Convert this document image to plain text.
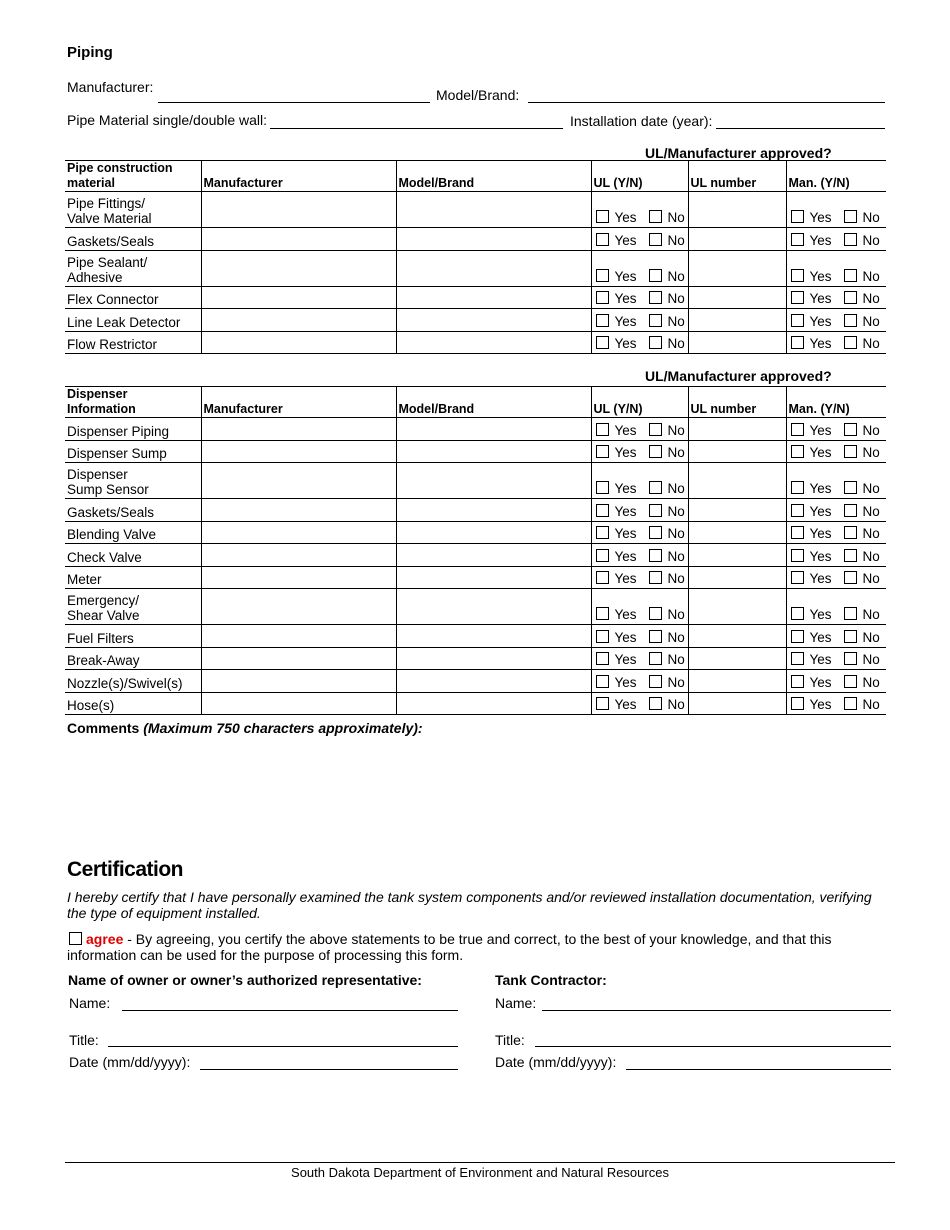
Piping
Manufacturer:	Model/Brand:
Pipe Material single/double wall:	Installation date (year):
UL/Manufacturer approved?
Pipe construction material	Manufacturer	Model/Brand	UL (Y/N)	UL number	Man. (Y/N)
Pipe Fittings/
Valve Material			Yes No		Yes No
Gaskets/Seals			Yes No		Yes No
Pipe Sealant/
Adhesive			Yes No		Yes No
Flex Connector			Yes No		Yes No
Line Leak Detector			Yes No		Yes No
Flow Restrictor			Yes No		Yes No
UL/Manufacturer approved?
Dispenser Information	Manufacturer	Model/Brand	UL (Y/N)	UL number	Man. (Y/N)
Dispenser Piping			Yes No		Yes No
Dispenser Sump			Yes No		Yes No
Dispenser
Sump Sensor			Yes No		Yes No
Gaskets/Seals			Yes No		Yes No
Blending Valve			Yes No		Yes No
Check Valve			Yes No		Yes No
Meter			Yes No		Yes No
Emergency/
Shear Valve			Yes No		Yes No
Fuel Filters			Yes No		Yes No
Break-Away			Yes No		Yes No
Nozzle(s)/Swivel(s)			Yes No		Yes No
Hose(s)			Yes No		Yes No
Comments (Maximum 750 characters approximately):
Certification
I hereby certify that I have personally examined the tank system components and/or reviewed installation documentation, verifying the type of equipment installed.
agree - By agreeing, you certify the above statements to be true and correct, to the best of your knowledge, and that this information can be used for the purpose of processing this form.
Name of owner or owner’s authorized representative:	Tank Contractor:
Name:	Name:
Title:	Title:
Date (mm/dd/yyyy):	Date (mm/dd/yyyy):
South Dakota Department of Environment and Natural Resources
